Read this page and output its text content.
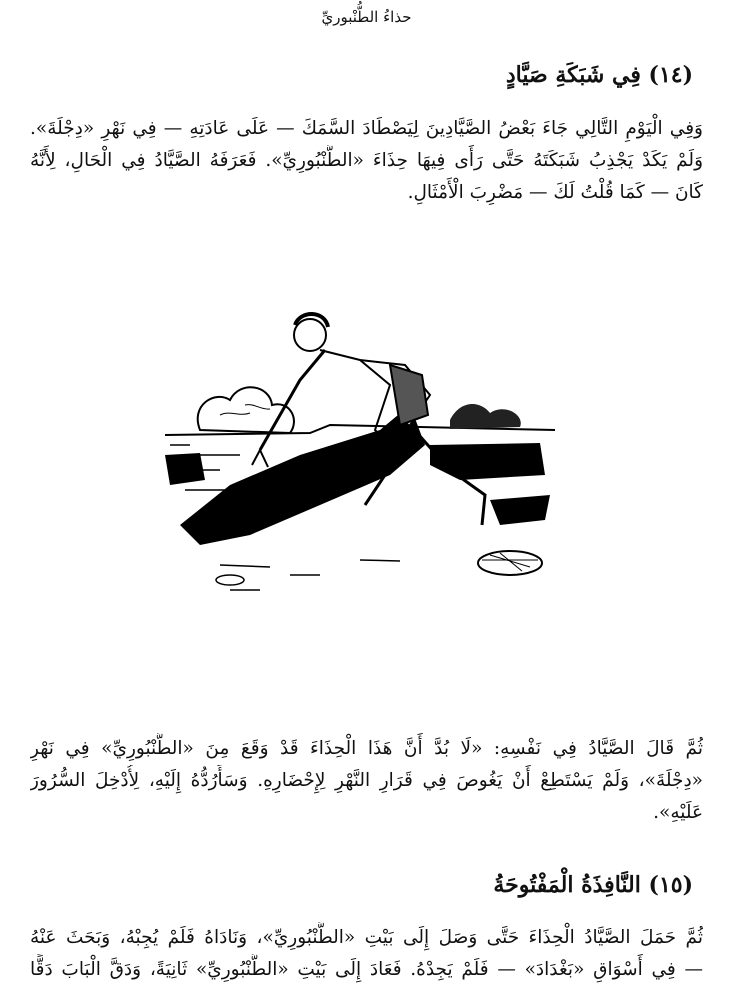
حذاءُ الطُّنْبوريِّ
(١٤) فِي شَبَكَةِ صَيَّادٍ
وَفِي الْيَوْمِ التَّالِي جَاءَ بَعْضُ الصَّيَّادِينَ لِيَصْطَادَ السَّمَكَ — عَلَى عَادَتِهِ — فِي نَهْرِ «دِجْلَةَ».
وَلَمْ يَكَدْ يَجْذِبُ شَبَكَتَهُ حَتَّى رَأَى فِيهَا حِذَاءَ «الطُّنْبُورِيِّ». فَعَرَفَهُ الصَّيَّادُ فِي الْحَالِ، لِأَنَّهُ
كَانَ — كَمَا قُلْتُ لَكَ — مَضْرِبَ الْأَمْثَالِ.
ثُمَّ قَالَ الصَّيَّادُ فِي نَفْسِهِ: «لَا بُدَّ أَنَّ هَذَا الْحِذَاءَ قَدْ وَقَعَ مِنَ «الطُّنْبُورِيِّ» فِي نَهْرِ
«دِجْلَةَ»، وَلَمْ يَسْتَطِعْ أَنْ يَغُوصَ فِي قَرَارِ النَّهْرِ لِإِحْضَارِهِ. وَسَأَرُدُّهُ إِلَيْهِ، لِأُدْخِلَ السُّرُورَ
عَلَيْهِ».
(١٥) النَّافِذَةُ الْمَفْتُوحَةُ
ثُمَّ حَمَلَ الصَّيَّادُ الْحِذَاءَ حَتَّى وَصَلَ إِلَى بَيْتِ «الطُّنْبُورِيِّ»، وَنَادَاهُ فَلَمْ يُجِبْهُ، وَبَحَثَ عَنْهُ
— فِي أَسْوَاقِ «بَغْدَادَ» — فَلَمْ يَجِدْهُ. فَعَادَ إِلَى بَيْتِ «الطُّنْبُورِيِّ» ثَانِيَةً، وَدَقَّ الْبَابَ دَقًّا
